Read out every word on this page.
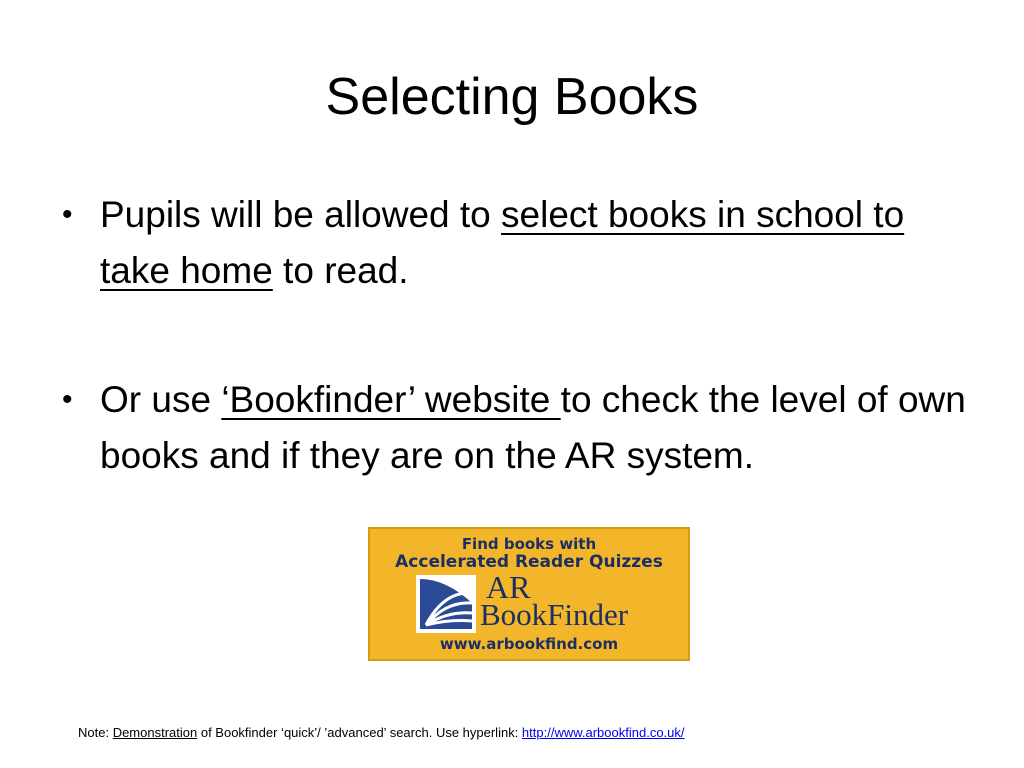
Selecting Books
• Pupils will be allowed to select books in school to take home to read.
• Or use ‘Bookfinder’ website to check the level of own books and if they are on the AR system.
Find books with
Accelerated Reader Quizzes
AR
BookFinder
www.arbookfind.com
Note: Demonstration of Bookfinder ‘quick’/ ’advanced’ search. Use hyperlink: http://www.arbookfind.co.uk/
